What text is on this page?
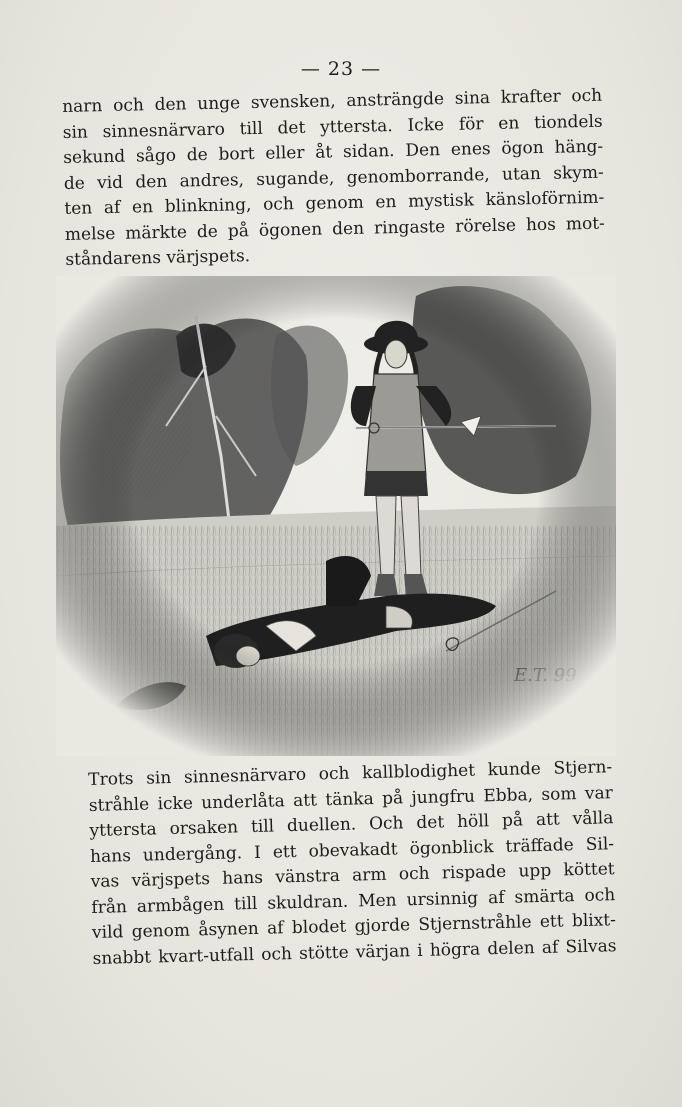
— 23 —
narn och den unge svensken, ansträngde sina krafter och
sin sinnesnärvaro till det yttersta. Icke för en tiondels
sekund sågo de bort eller åt sidan. Den enes ögon häng-
de vid den andres, sugande, genomborrande, utan skym-
ten af en blinkning, och genom en mystisk känsloförnim-
melse märkte de på ögonen den ringaste rörelse hos mot-
ståndarens värjspets.
Trots sin sinnesnärvaro och kallblodighet kunde Stjern-
stråhle icke underlåta att tänka på jungfru Ebba, som var
yttersta orsaken till duellen. Och det höll på att vålla
hans undergång. I ett obevakadt ögonblick träffade Sil-
vas värjspets hans vänstra arm och rispade upp köttet
från armbågen till skuldran. Men ursinnig af smärta och
vild genom åsynen af blodet gjorde Stjernstråhle ett blixt-
snabbt kvart-utfall och stötte värjan i högra delen af Silvas
